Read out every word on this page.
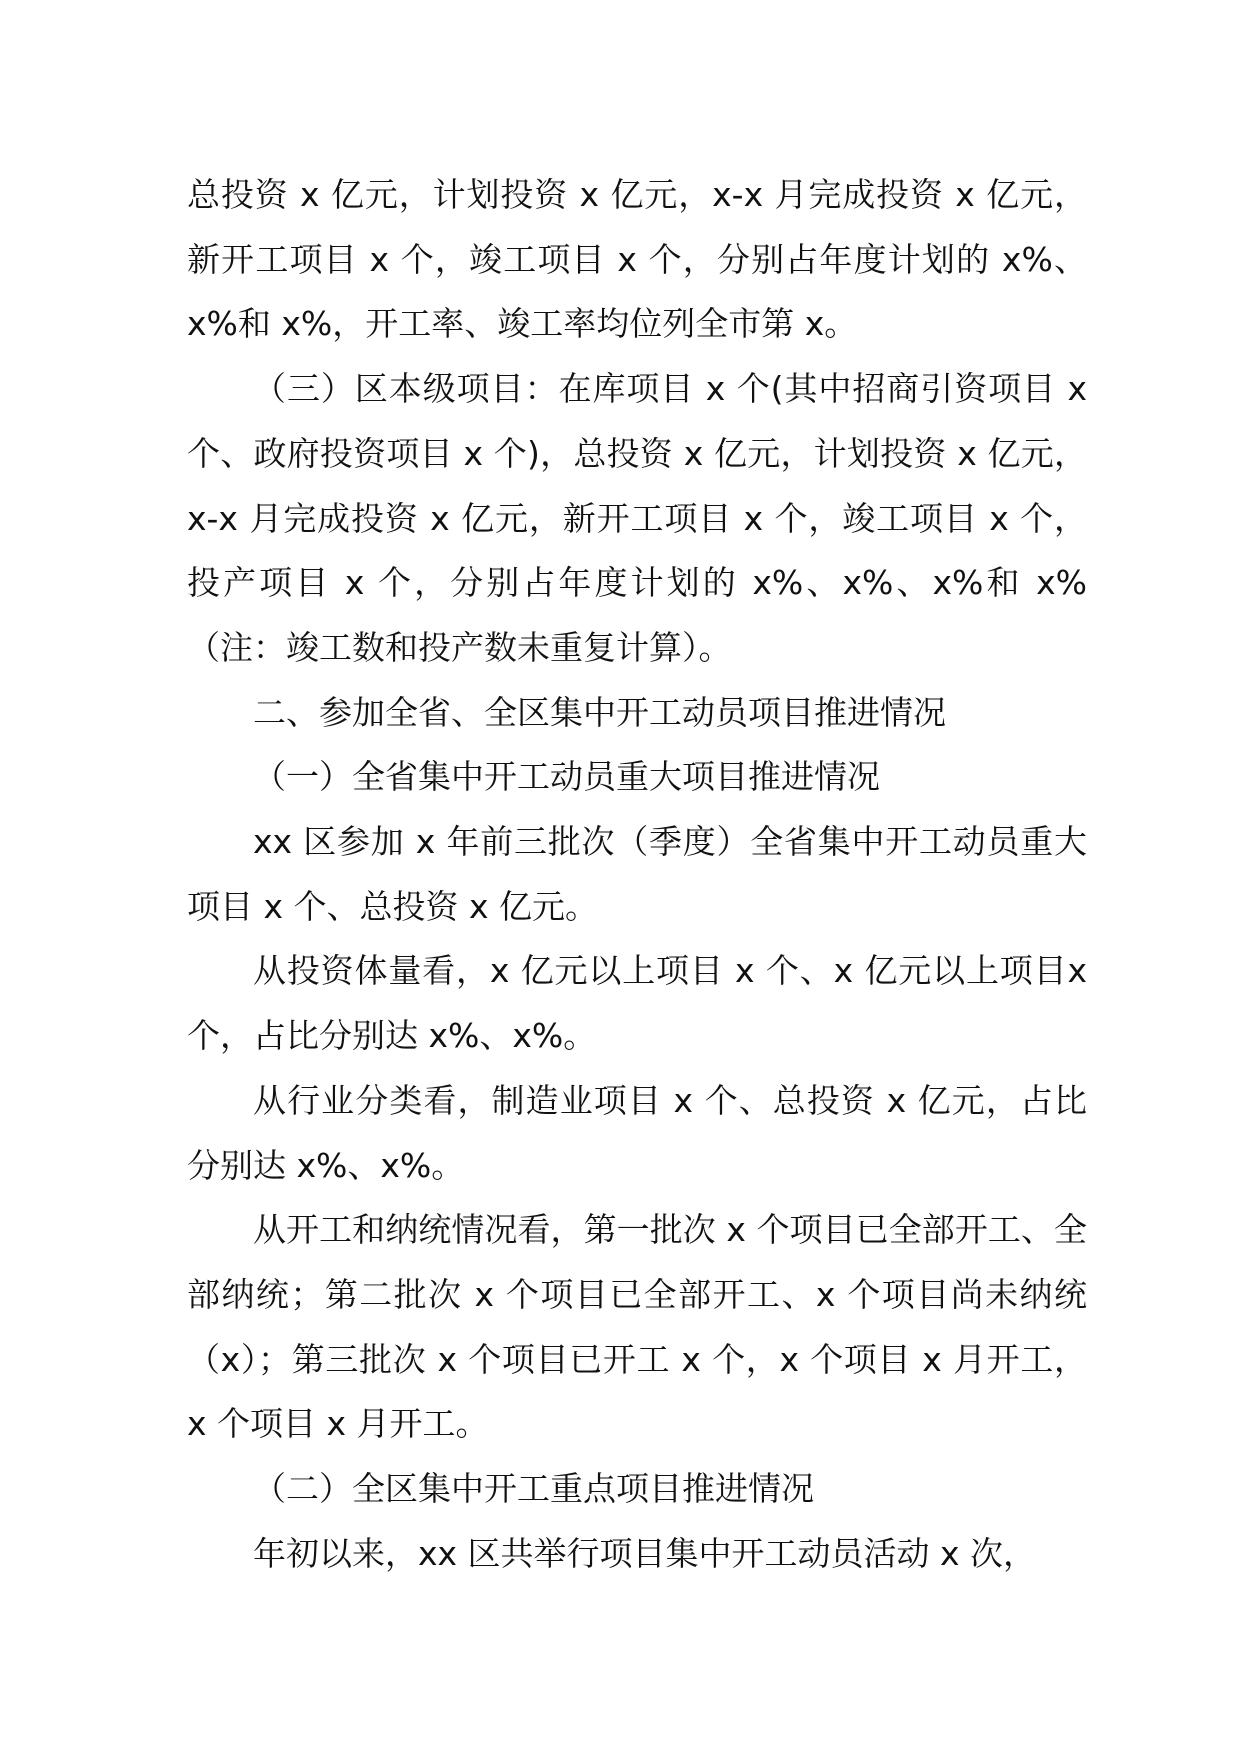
总投资 x 亿元，计划投资 x 亿元，x-x 月完成投资 x 亿元，新开工项目 x 个，竣工项目 x 个，分别占年度计划的 x%、x%和 x%，开工率、竣工率均位列全市第 x。

（三）区本级项目：在库项目 x 个(其中招商引资项目 x个、政府投资项目 x 个)，总投资 x 亿元，计划投资 x 亿元，x-x 月完成投资 x 亿元，新开工项目 x 个，竣工项目 x 个，投产项目 x 个，分别占年度计划的 x%、x%、x%和 x%（注：竣工数和投产数未重复计算）。

二、参加全省、全区集中开工动员项目推进情况

（一）全省集中开工动员重大项目推进情况

xx 区参加 x 年前三批次（季度）全省集中开工动员重大项目 x 个、总投资 x 亿元。

从投资体量看，x 亿元以上项目 x 个、x 亿元以上项目x 个，占比分别达 x%、x%。

从行业分类看，制造业项目 x 个、总投资 x 亿元，占比分别达 x%、x%。

从开工和纳统情况看，第一批次 x 个项目已全部开工、全部纳统；第二批次 x 个项目已全部开工、x 个项目尚未纳统（x）；第三批次 x 个项目已开工 x 个，x 个项目 x 月开工，x 个项目 x 月开工。

（二）全区集中开工重点项目推进情况

年初以来，xx 区共举行项目集中开工动员活动 x 次，
